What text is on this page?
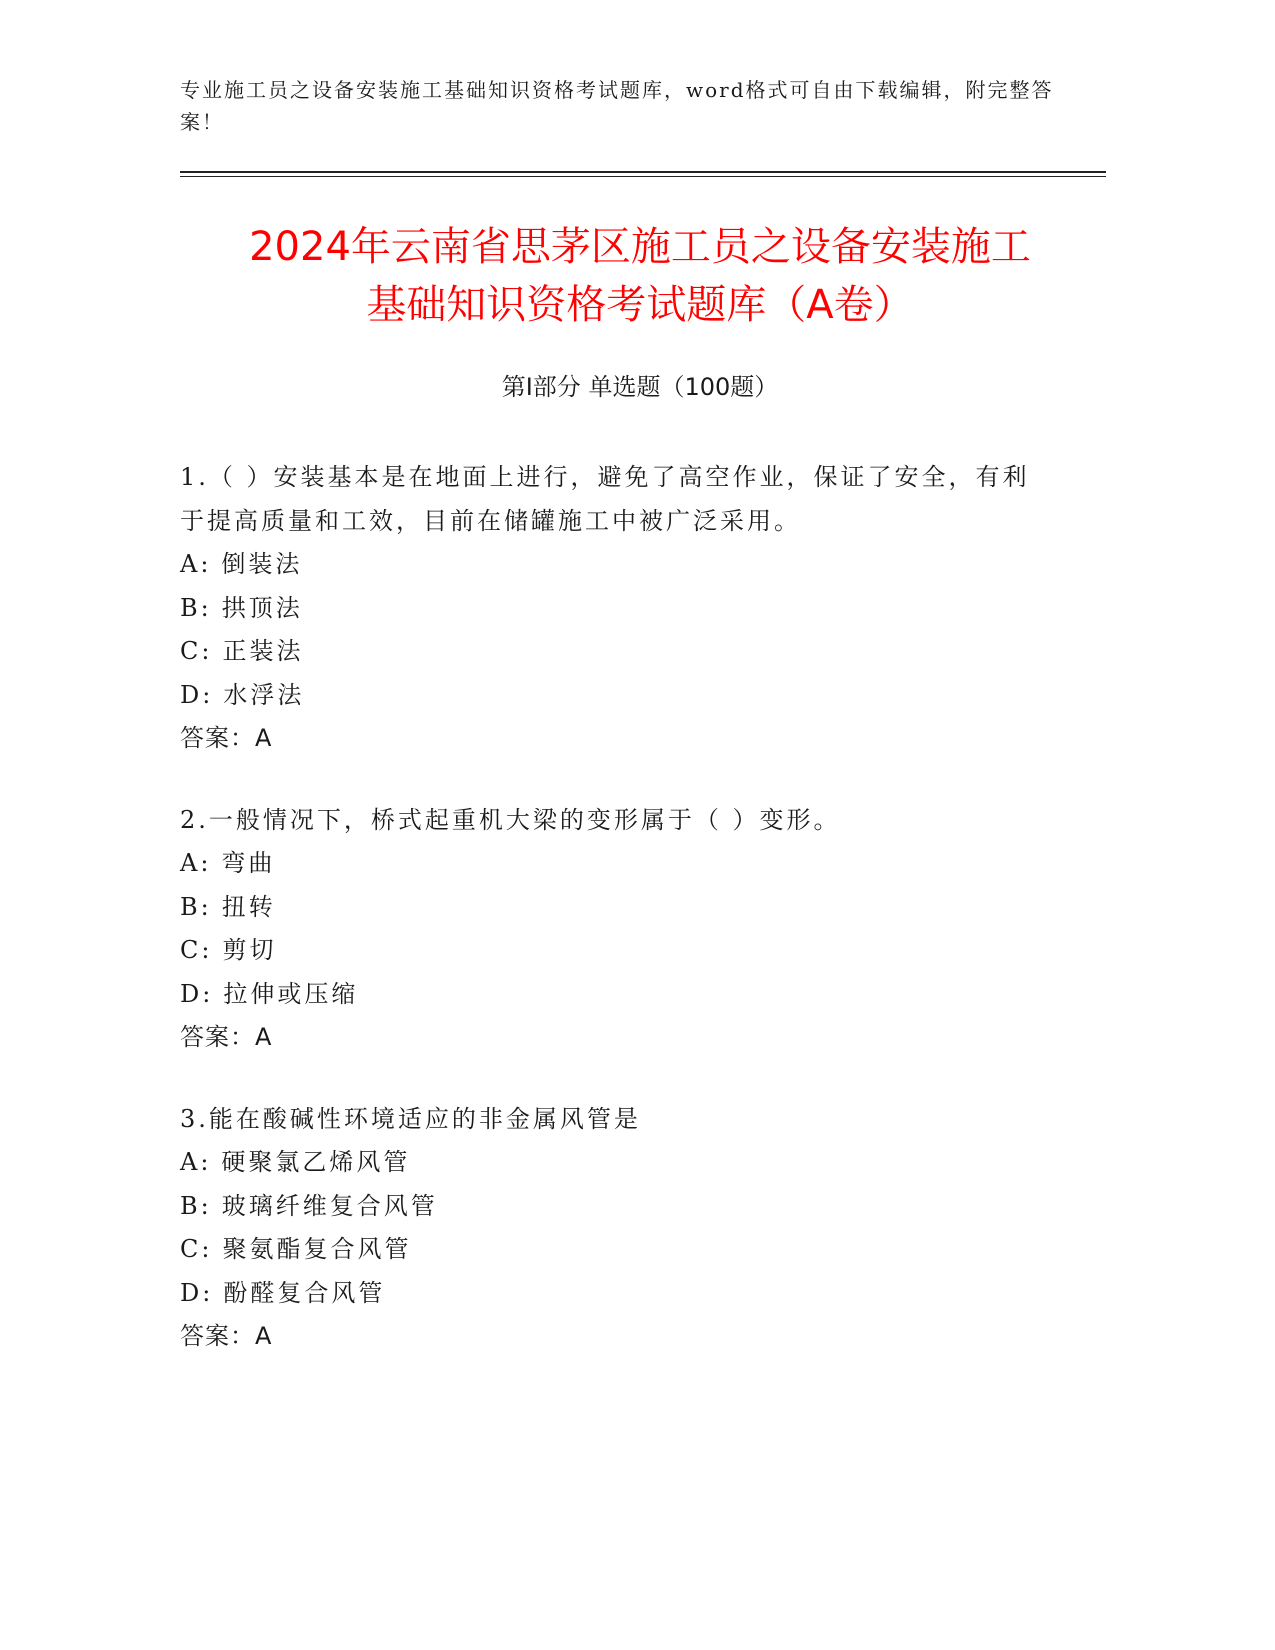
专业施工员之设备安装施工基础知识资格考试题库，word格式可自由下载编辑，附完整答案！
2024年云南省思茅区施工员之设备安装施工
基础知识资格考试题库（A卷）
第Ⅰ部分 单选题（100题）
1.（ ）安装基本是在地面上进行，避免了高空作业，保证了安全，有利于提高质量和工效，目前在储罐施工中被广泛采用。
A: 倒装法
B: 拱顶法
C: 正装法
D: 水浮法
答案：A
2.一般情况下，桥式起重机大梁的变形属于（ ）变形。
A: 弯曲
B: 扭转
C: 剪切
D: 拉伸或压缩
答案：A
3.能在酸碱性环境适应的非金属风管是
A: 硬聚氯乙烯风管
B: 玻璃纤维复合风管
C: 聚氨酯复合风管
D: 酚醛复合风管
答案：A
